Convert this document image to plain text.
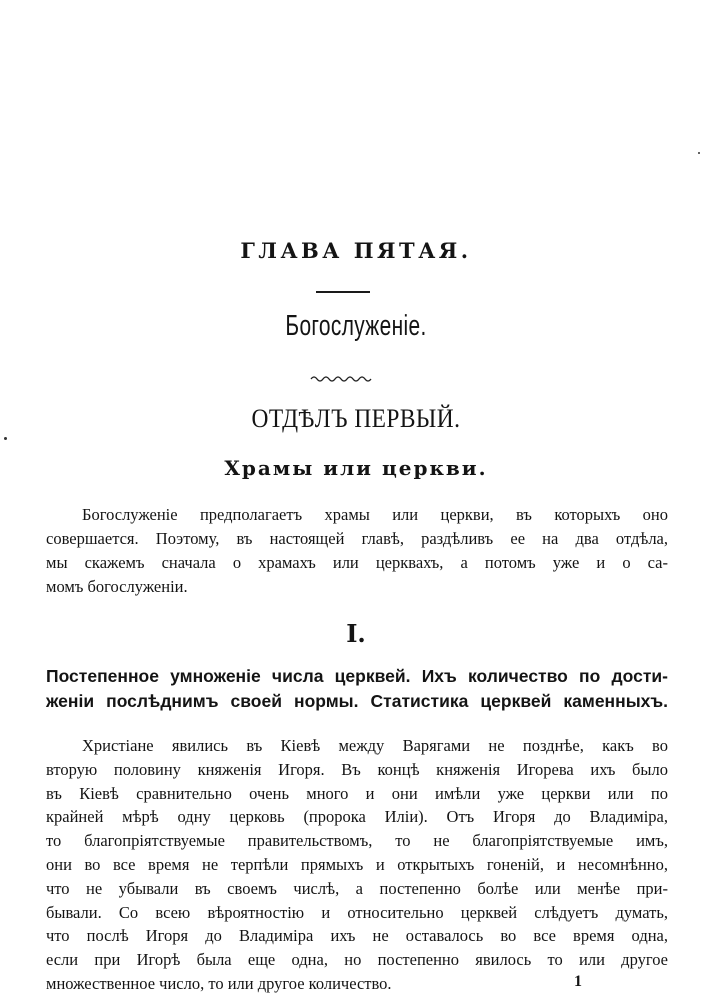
ГЛАВА ПЯТАЯ.
Богослуженіе.
ОТДѢЛЪ ПЕРВЫЙ.
Храмы или церкви.
Богослуженіе предполагаетъ храмы или церкви, въ которыхъ оно
совершается. Поэтому, въ настоящей главѣ, раздѣливъ ее на два отдѣла,
мы скажемъ сначала о храмахъ или церквахъ, а потомъ уже и о са-
момъ богослуженіи.
I.
Постепенное умноженіе числа церквей. Ихъ количество по дости-
женіи послѣднимъ своей нормы. Статистика церквей каменныхъ.
Христіане явились въ Кіевѣ между Варягами не позднѣе, какъ во
вторую половину княженія Игоря. Въ концѣ княженія Игорева ихъ было
въ Кіевѣ сравнительно очень много и они имѣли уже церкви или по
крайней мѣрѣ одну церковь (пророка Иліи). Отъ Игоря до Владиміра,
то благопріятствуемые правительствомъ, то не благопріятствуемые имъ,
они во все время не терпѣли прямыхъ и открытыхъ гоненій, и несомнѣнно,
что не убывали въ своемъ числѣ, а постепенно болѣе или менѣе при-
бывали. Со всею вѣроятностію и относительно церквей слѣдуетъ думать,
что послѣ Игоря до Владиміра ихъ не оставалось во все время одна,
если при Игорѣ была еще одна, но постепенно явилось то или другое
множественное число, то или другое количество.	1
